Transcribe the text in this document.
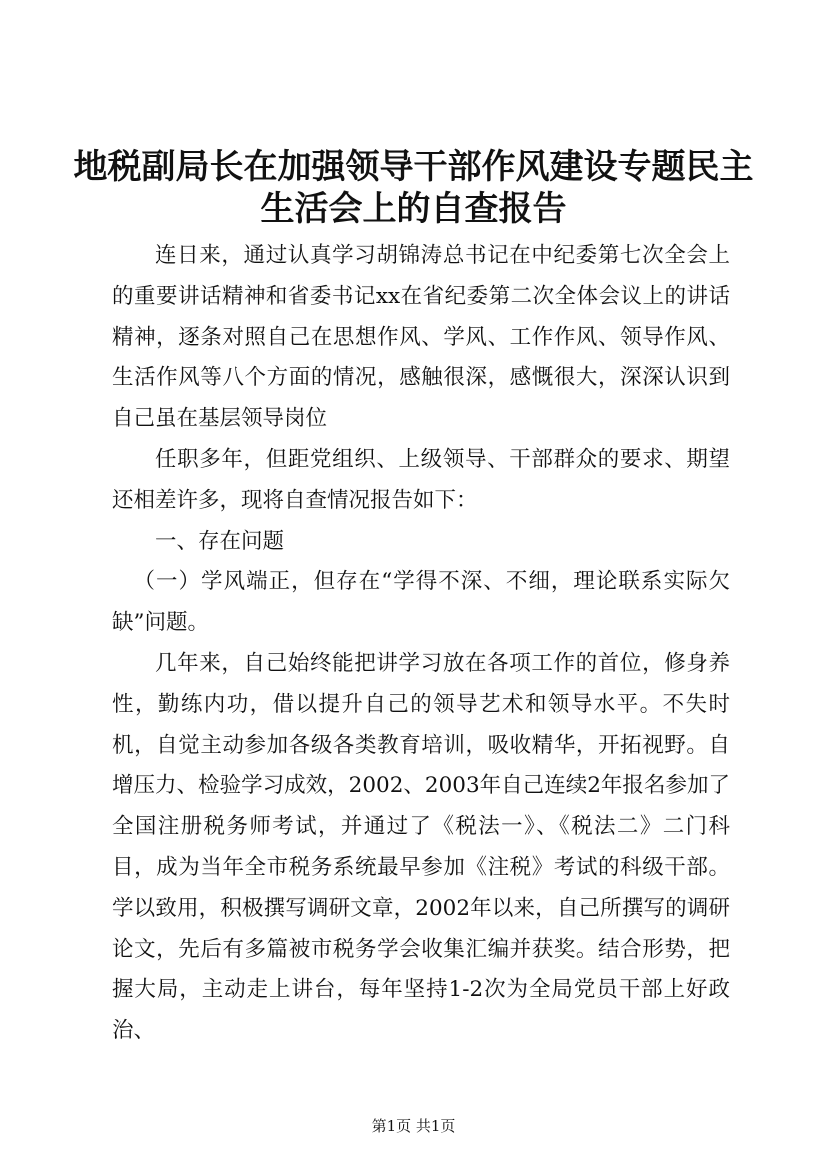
地税副局长在加强领导干部作风建设专题民主
生活会上的自查报告

连日来，通过认真学习胡锦涛总书记在中纪委第七次全会上的重要讲话精神和省委书记xx在省纪委第二次全体会议上的讲话精神，逐条对照自己在思想作风、学风、工作作风、领导作风、生活作风等八个方面的情况，感触很深，感慨很大，深深认识到自己虽在基层领导岗位

任职多年，但距党组织、上级领导、干部群众的要求、期望还相差许多，现将自查情况报告如下：

一、存在问题

（一）学风端正，但存在“学得不深、不细，理论联系实际欠缺”问题。

几年来，自己始终能把讲学习放在各项工作的首位，修身养性，勤练内功，借以提升自己的领导艺术和领导水平。不失时机，自觉主动参加各级各类教育培训，吸收精华，开拓视野。自增压力、检验学习成效，2002、2003年自己连续2年报名参加了全国注册税务师考试，并通过了《税法一》、《税法二》二门科目，成为当年全市税务系统最早参加《注税》考试的科级干部。学以致用，积极撰写调研文章，2002年以来，自己所撰写的调研论文，先后有多篇被市税务学会收集汇编并获奖。结合形势，把握大局，主动走上讲台，每年坚持1-2次为全局党员干部上好政治、

第1页 共1页
